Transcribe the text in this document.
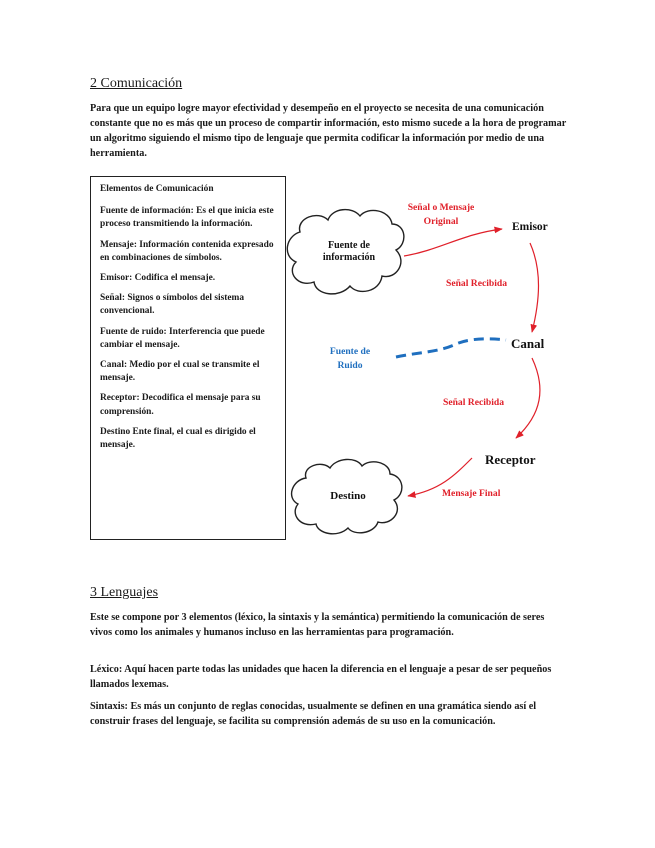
2 Comunicación
Para que un equipo logre mayor efectividad y desempeño en el proyecto se necesita de una comunicación constante que no es más que un proceso de compartir información, esto mismo sucede a la hora de programar un algoritmo siguiendo el mismo tipo de lenguaje que permita codificar la información por medio de una herramienta.

Elementos de Comunicación

Fuente de información: Es el que inicia este proceso transmitiendo la información.

Mensaje: Información contenida expresado en combinaciones de símbolos.

Emisor: Codifica el mensaje.

Señal: Signos o símbolos del sistema convencional.

Fuente de ruido: Interferencia que puede cambiar el mensaje.

Canal: Medio por el cual se transmite el mensaje.

Receptor: Decodifica el mensaje para su comprensión.

Destino Ente final, el cual es dirigido el mensaje.

Fuente de información
Destino
Emisor
Canal
Receptor
Señal o Mensaje Original
Señal Recibida
Fuente de Ruido
Señal Recibida
Mensaje Final
3 Lenguajes
Este se compone por 3 elementos (léxico, la sintaxis y la semántica) permitiendo la comunicación de seres vivos como los animales y humanos incluso en las herramientas para programación.
Léxico: Aquí hacen parte todas las unidades que hacen la diferencia en el lenguaje a pesar de ser pequeños llamados lexemas.
Sintaxis: Es más un conjunto de reglas conocidas, usualmente se definen en una gramática siendo así el construir frases del lenguaje, se facilita su comprensión además de su uso en la comunicación.
